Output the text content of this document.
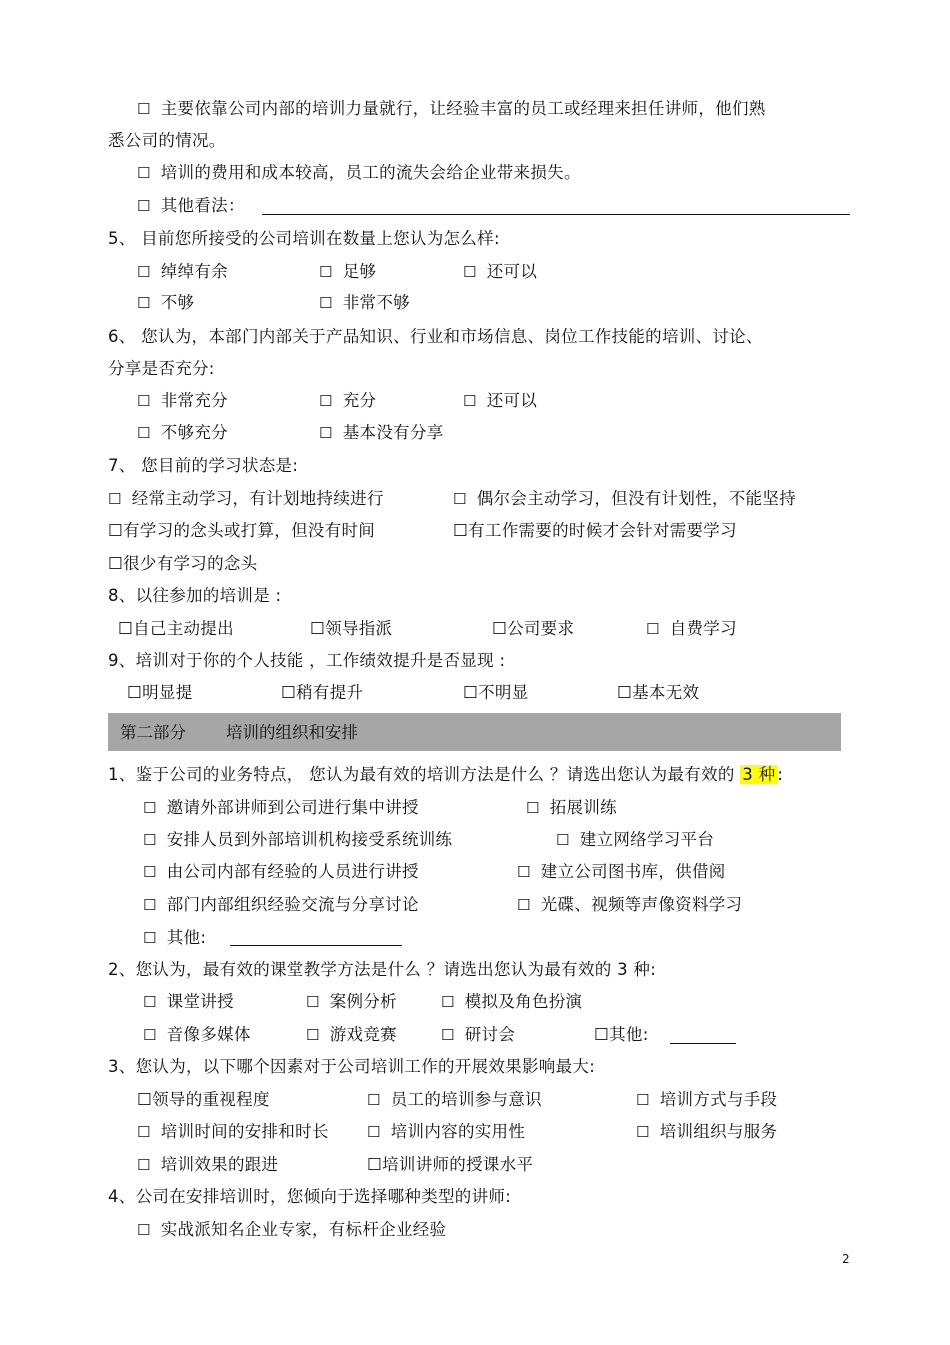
☐ 主要依靠公司内部的培训力量就行，让经验丰富的员工或经理来担任讲师，他们熟
悉公司的情况。
☐ 培训的费用和成本较高，员工的流失会给企业带来损失。
☐ 其他看法：
5、 目前您所接受的公司培训在数量上您认为怎么样:
☐ 绰绰有余	☐ 足够	☐ 还可以
☐ 不够	☐ 非常不够
6、 您认为，本部门内部关于产品知识、行业和市场信息、岗位工作技能的培训、讨论、
分享是否充分:
☐ 非常充分	☐ 充分	☐ 还可以
☐ 不够充分	☐ 基本没有分享
7、 您目前的学习状态是:
☐ 经常主动学习，有计划地持续进行	☐ 偶尔会主动学习，但没有计划性，不能坚持
☐有学习的念头或打算，但没有时间	☐有工作需要的时候才会针对需要学习
☐很少有学习的念头
8、以往参加的培训是 :
☐自己主动提出	☐领导指派	☐公司要求	☐ 自费学习
9、培训对于你的个人技能 ，工作绩效提升是否显现 :
☐明显提	☐稍有提升	☐不明显	☐基本无效
第二部分 培训的组织和安排
1、鉴于公司的业务特点， 您认为最有效的培训方法是什么 ？请选出您认为最有效的 3 种 :
☐ 邀请外部讲师到公司进行集中讲授	☐ 拓展训练
☐ 安排人员到外部培训机构接受系统训练	☐ 建立网络学习平台
☐ 由公司内部有经验的人员进行讲授	☐ 建立公司图书库，供借阅
☐ 部门内部组织经验交流与分享讨论	☐ 光碟、视频等声像资料学习
☐ 其他:
2、您认为，最有效的课堂教学方法是什么 ？请选出您认为最有效的 3 种:
☐ 课堂讲授	☐ 案例分析	☐ 模拟及角色扮演
☐ 音像多媒体	☐ 游戏竞赛	☐ 研讨会	☐其他:
3、您认为，以下哪个因素对于公司培训工作的开展效果影响最大:
☐领导的重视程度	☐ 员工的培训参与意识	☐ 培训方式与手段
☐ 培训时间的安排和时长	☐ 培训内容的实用性	☐ 培训组织与服务
☐ 培训效果的跟进	☐培训讲师的授课水平
4、公司在安排培训时，您倾向于选择哪种类型的讲师:
☐ 实战派知名企业专家，有标杆企业经验
2
